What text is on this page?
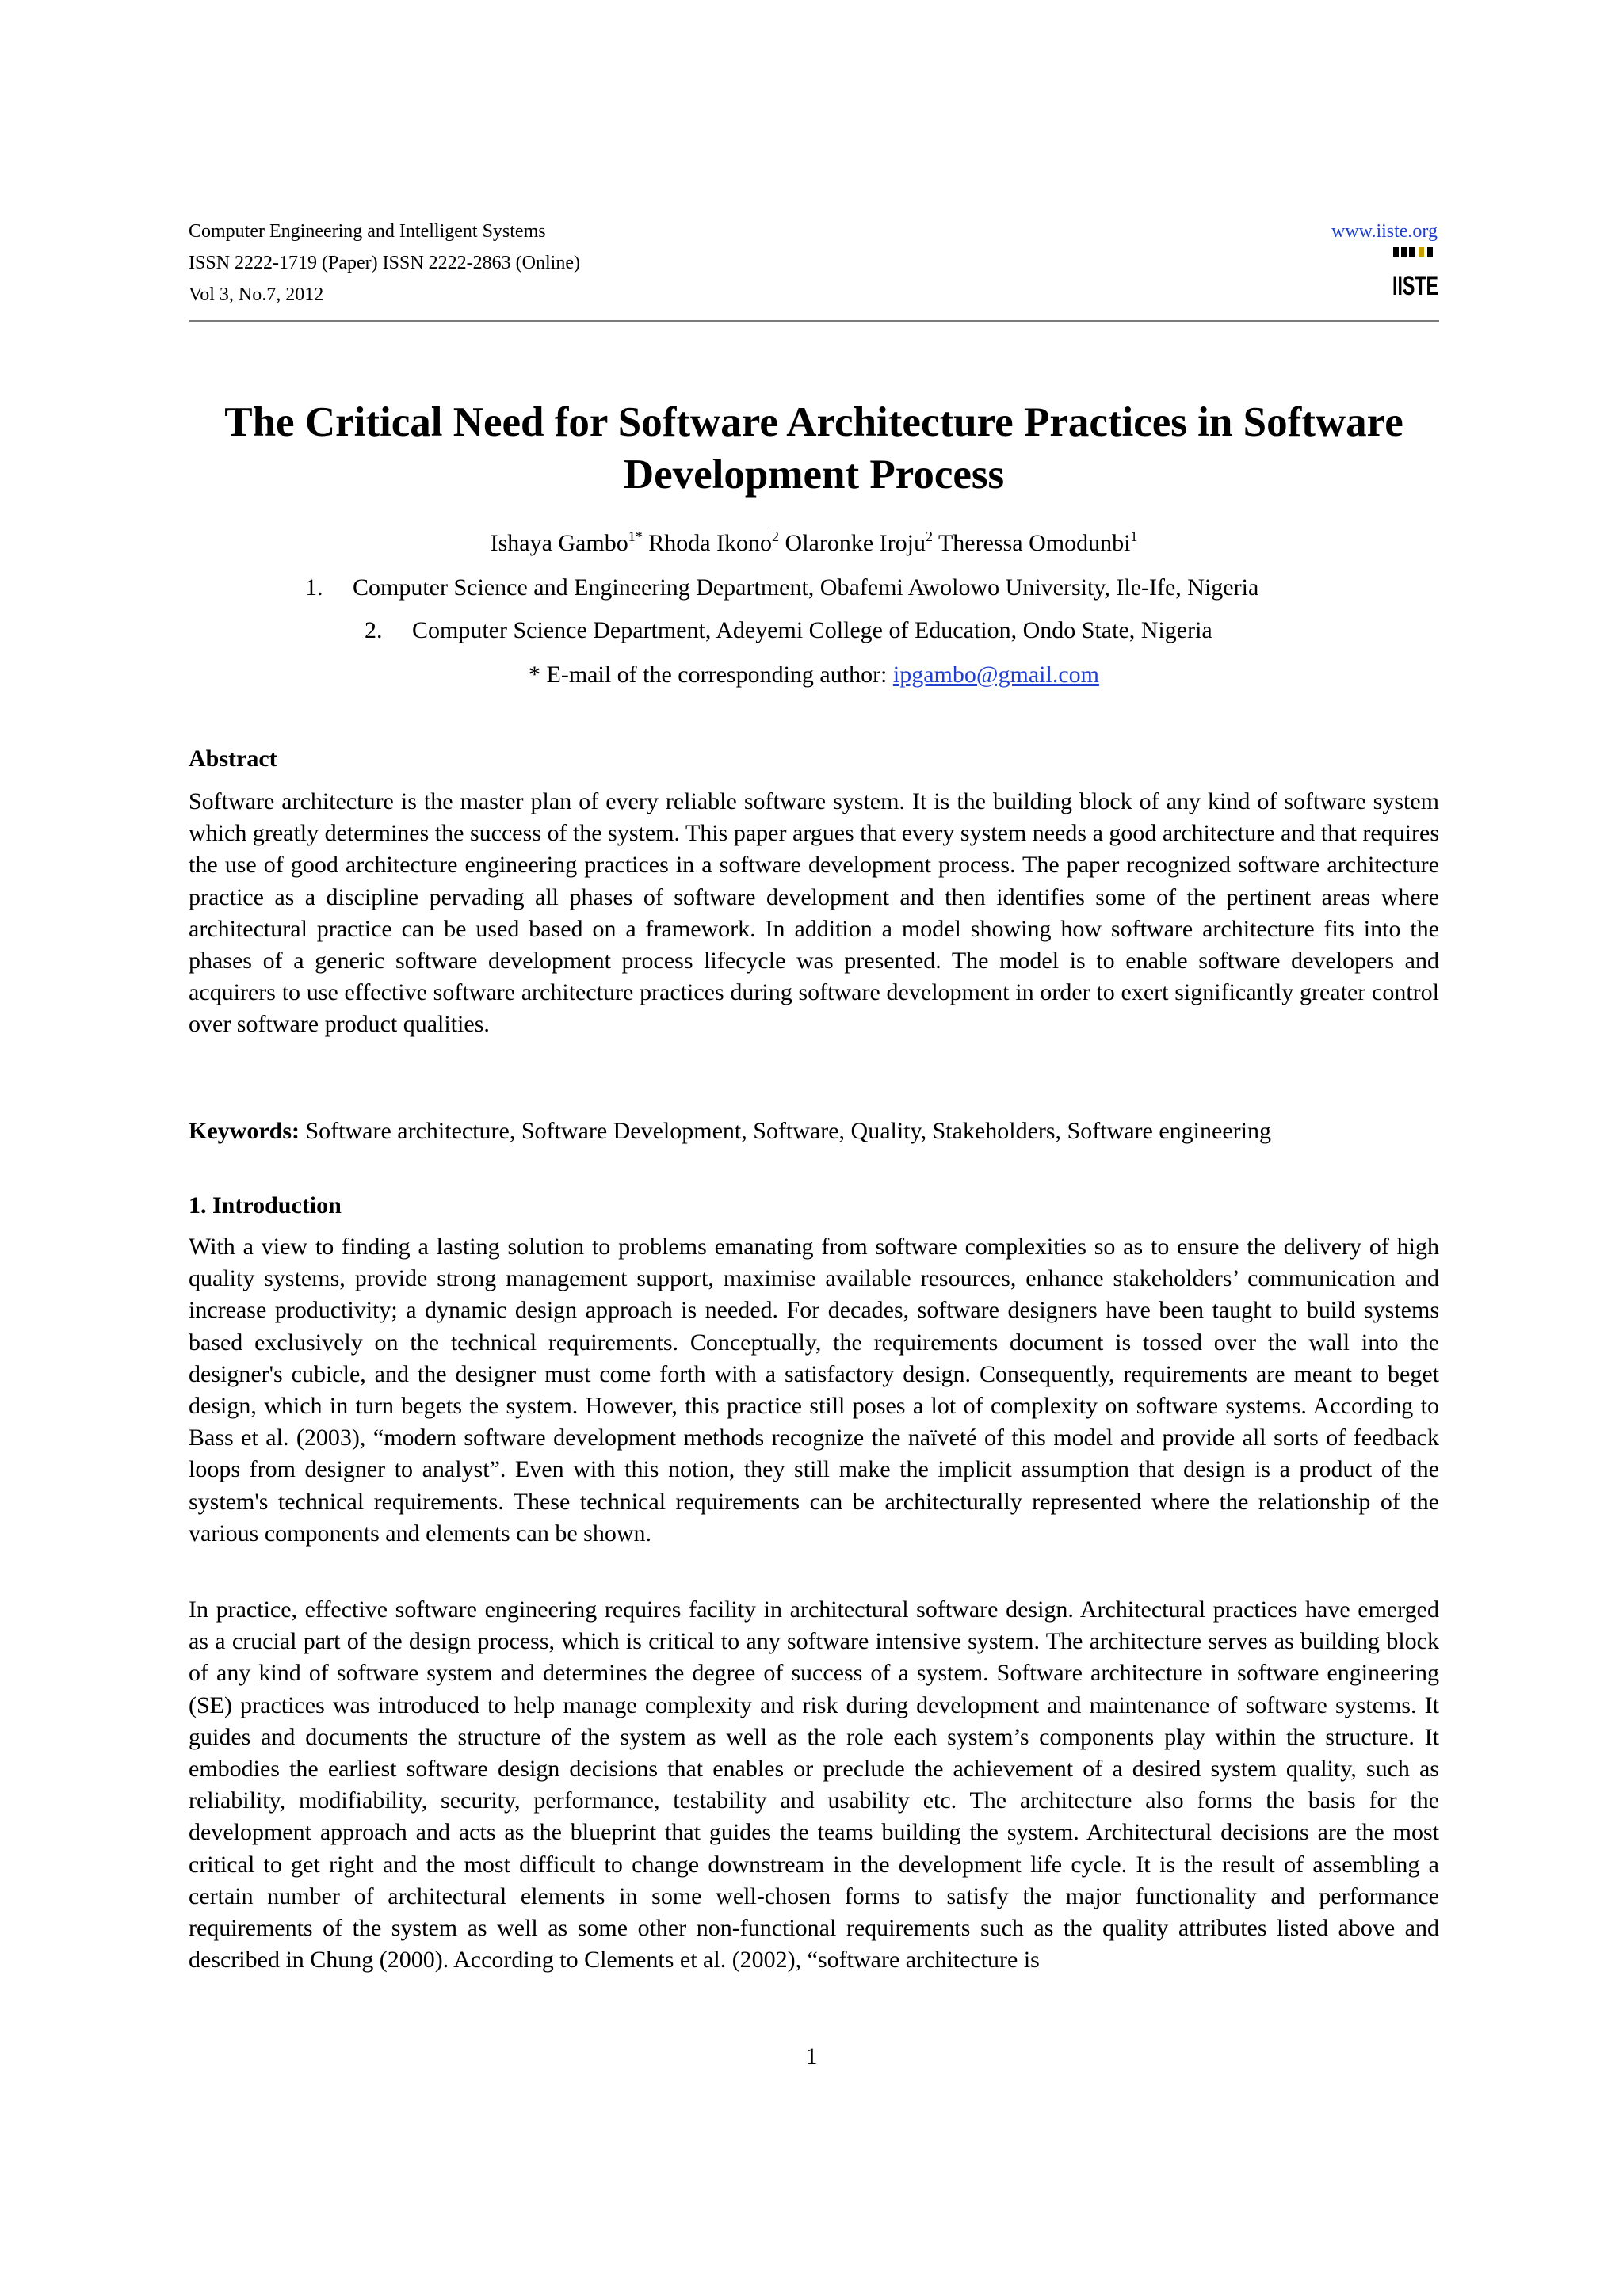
Computer Engineering and Intelligent Systems
ISSN 2222-1719 (Paper) ISSN 2222-2863 (Online)
Vol 3, No.7, 2012
www.iiste.org
IISTE
The Critical Need for Software Architecture Practices in Software
Development Process
Ishaya Gambo$^{1*}$ Rhoda Ikono$^2$ Olaronke Iroju$^2$ Theressa Omodunbi$^1$
1. Computer Science and Engineering Department, Obafemi Awolowo University, Ile-Ife, Nigeria
2. Computer Science Department, Adeyemi College of Education, Ondo State, Nigeria
* E-mail of the corresponding author: ipgambo@gmail.com
Abstract
Software architecture is the master plan of every reliable software system. It is the building block of any kind of software system which greatly determines the success of the system. This paper argues that every system needs a good architecture and that requires the use of good architecture engineering practices in a software development process. The paper recognized software architecture practice as a discipline pervading all phases of software development and then identifies some of the pertinent areas where architectural practice can be used based on a framework. In addition a model showing how software architecture fits into the phases of a generic software development process lifecycle was presented. The model is to enable software developers and acquirers to use effective software architecture practices during software development in order to exert significantly greater control over software product qualities.
Keywords: Software architecture, Software Development, Software, Quality, Stakeholders, Software engineering
1. Introduction
With a view to finding a lasting solution to problems emanating from software complexities so as to ensure the delivery of high quality systems, provide strong management support, maximise available resources, enhance stakeholders’ communication and increase productivity; a dynamic design approach is needed. For decades, software designers have been taught to build systems based exclusively on the technical requirements. Conceptually, the requirements document is tossed over the wall into the designer's cubicle, and the designer must come forth with a satisfactory design. Consequently, requirements are meant to beget design, which in turn begets the system. However, this practice still poses a lot of complexity on software systems. According to Bass et al. (2003), “modern software development methods recognize the naïveté of this model and provide all sorts of feedback loops from designer to analyst”. Even with this notion, they still make the implicit assumption that design is a product of the system's technical requirements. These technical requirements can be architecturally represented where the relationship of the various components and elements can be shown.
In practice, effective software engineering requires facility in architectural software design. Architectural practices have emerged as a crucial part of the design process, which is critical to any software intensive system. The architecture serves as building block of any kind of software system and determines the degree of success of a system. Software architecture in software engineering (SE) practices was introduced to help manage complexity and risk during development and maintenance of software systems. It guides and documents the structure of the system as well as the role each system’s components play within the structure. It embodies the earliest software design decisions that enables or preclude the achievement of a desired system quality, such as reliability, modifiability, security, performance, testability and usability etc. The architecture also forms the basis for the development approach and acts as the blueprint that guides the teams building the system. Architectural decisions are the most critical to get right and the most difficult to change downstream in the development life cycle. It is the result of assembling a certain number of architectural elements in some well-chosen forms to satisfy the major functionality and performance requirements of the system as well as some other non-functional requirements such as the quality attributes listed above and described in Chung (2000). According to Clements et al. (2002), “software architecture is
1
